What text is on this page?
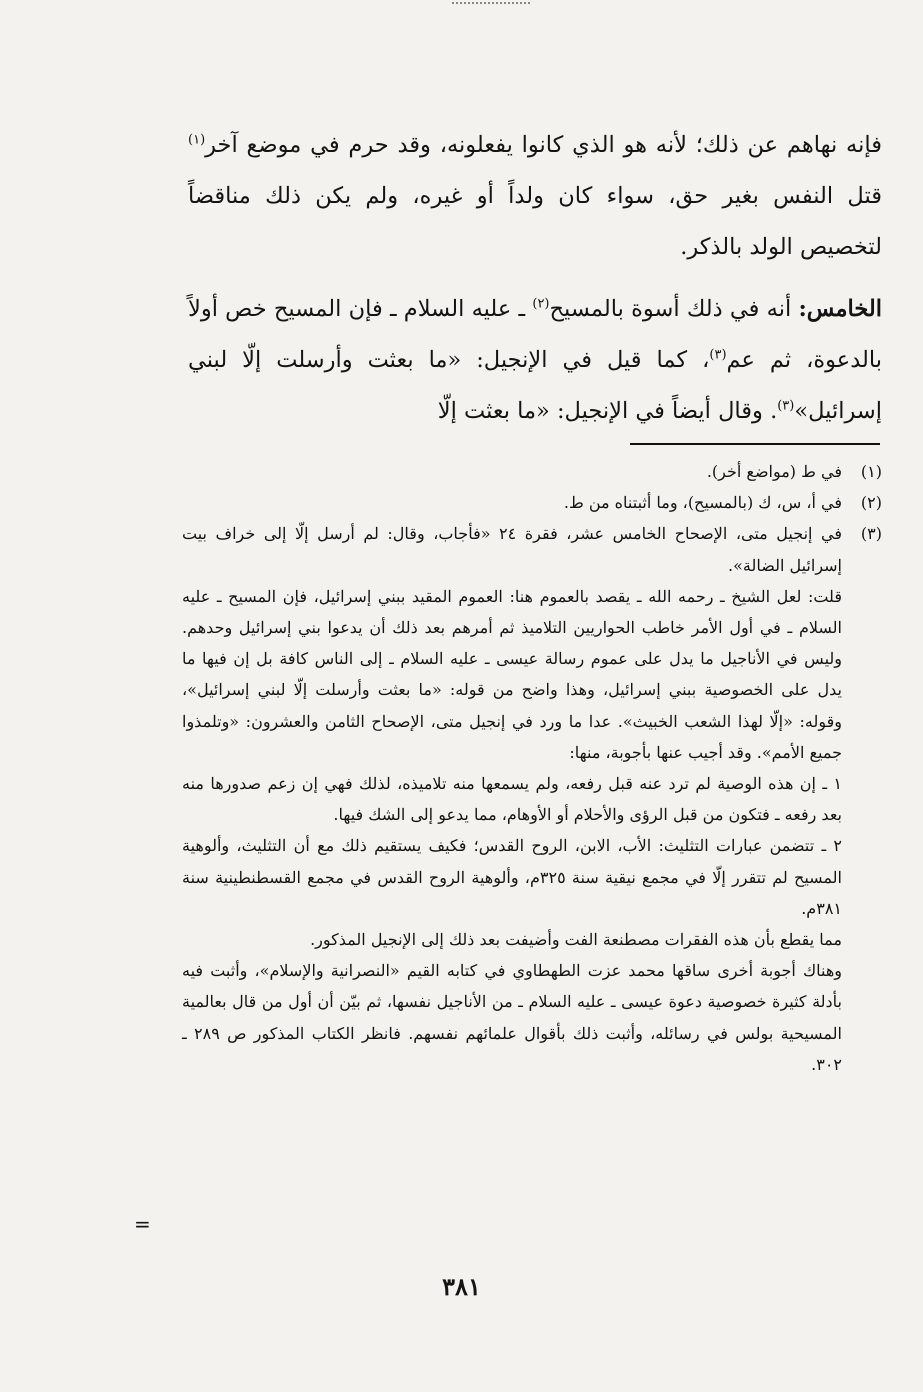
فإنه نهاهم عن ذلك؛ لأنه هو الذي كانوا يفعلونه، وقد حرم في موضع آخر$^{(١)}$ قتل النفس بغير حق، سواء كان ولداً أو غيره، ولم يكن ذلك مناقضاً لتخصيص الولد بالذكر.

الخامس: أنه في ذلك أسوة بالمسيح$^{(٢)}$ ـ عليه السلام ـ فإن المسيح خص أولاً بالدعوة، ثم عم$^{(٣)}$، كما قيل في الإنجيل: «ما بعثت وأرسلت إلّا لبني إسرائيل»$^{(٣)}$. وقال أيضاً في الإنجيل: «ما بعثت إلّا

(١)
في ط (مواضع أخر).
(٢)
في أ، س، ك (بالمسيح)، وما أثبتناه من ط.
(٣)
في إنجيل متى، الإصحاح الخامس عشر، فقرة ٢٤ «فأجاب، وقال: لم أرسل إلّا إلى خراف بيت إسرائيل الضالة».
قلت: لعل الشيخ ـ رحمه الله ـ يقصد بالعموم هنا: العموم المقيد ببني إسرائيل، فإن المسيح ـ عليه السلام ـ في أول الأمر خاطب الحواريين التلاميذ ثم أمرهم بعد ذلك أن يدعوا بني إسرائيل وحدهم. وليس في الأناجيل ما يدل على عموم رسالة عيسى ـ عليه السلام ـ إلى الناس كافة بل إن فيها ما يدل على الخصوصية ببني إسرائيل، وهذا واضح من قوله: «ما بعثت وأرسلت إلّا لبني إسرائيل»، وقوله: «إلّا لهذا الشعب الخبيث». عدا ما ورد في إنجيل متى، الإصحاح الثامن والعشرون: «وتلمذوا جميع الأمم». وقد أجيب عنها بأجوبة، منها:
١ ـ إن هذه الوصية لم ترد عنه قبل رفعه، ولم يسمعها منه تلاميذه، لذلك فهي إن زعم صدورها منه بعد رفعه ـ فتكون من قبل الرؤى والأحلام أو الأوهام، مما يدعو إلى الشك فيها.
٢ ـ تتضمن عبارات التثليث: الأب، الابن، الروح القدس؛ فكيف يستقيم ذلك مع أن التثليث، وألوهية المسيح لم تتقرر إلّا في مجمع نيقية سنة ٣٢٥م، وألوهية الروح القدس في مجمع القسطنطينية سنة ٣٨١م.
مما يقطع بأن هذه الفقرات مصطنعة الفت وأضيفت بعد ذلك إلى الإنجيل المذكور.
وهناك أجوبة أخرى ساقها محمد عزت الطهطاوي في كتابه القيم «النصرانية والإسلام»، وأثبت فيه بأدلة كثيرة خصوصية دعوة عيسى ـ عليه السلام ـ من الأناجيل نفسها، ثم بيّن أن أول من قال بعالمية المسيحية بولس في رسائله، وأثبت ذلك بأقوال علمائهم نفسهم. فانظر الكتاب المذكور ص ٢٨٩ ـ ٣٠٢.
=
٣٨١
